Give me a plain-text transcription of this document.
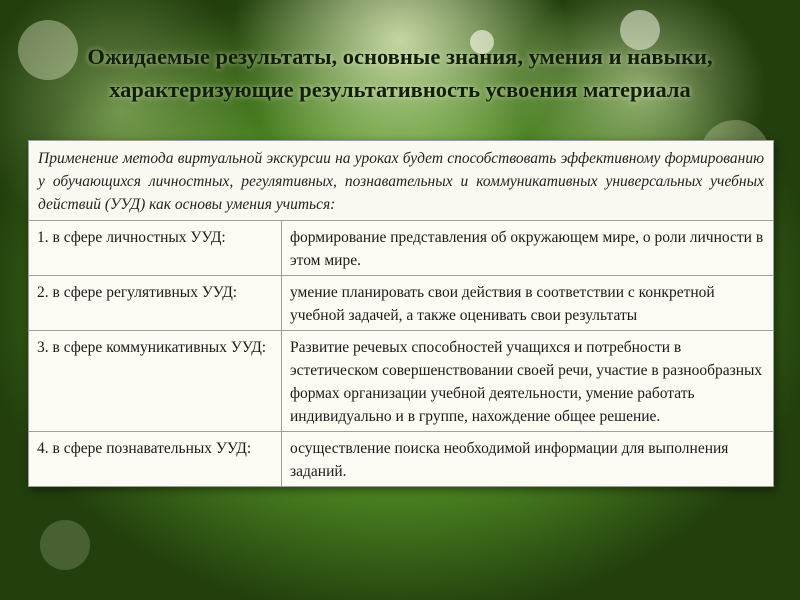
Ожидаемые результаты, основные знания, умения и навыки,
характеризующие результативность усвоения материала
Применение метода виртуальной экскурсии на уроках будет способствовать эффективному формированию у обучающихся личностных, регулятивных, познавательных и коммуникативных универсальных учебных действий (УУД) как основы умения учиться:	
1. в сфере личностных УУД:	формирование представления об окружающем мире, о роли личности в этом мире.
2. в сфере регулятивных УУД:	умение планировать свои действия в соответствии с конкретной учебной задачей, а также оценивать свои результаты
3. в сфере коммуникативных УУД:	Развитие речевых способностей учащихся и потребности в эстетическом совершенствовании своей речи, участие в разнообразных формах организации учебной деятельности, умение работать индивидуально и в группе, нахождение общее решение.
4. в сфере познавательных УУД:	осуществление поиска необходимой информации для выполнения заданий.
